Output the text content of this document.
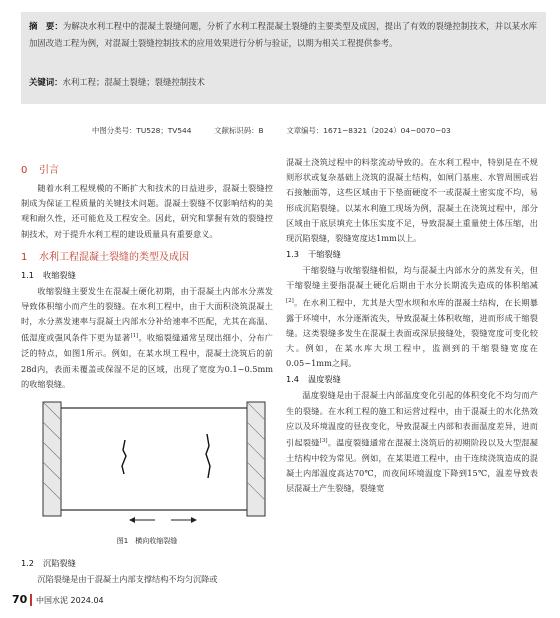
摘　要：为解决水利工程中的混凝土裂缝问题，分析了水利工程混凝土裂缝的主要类型及成因，提出了有效的裂缝控制技术，并以某水库加固改造工程为例，对混凝土裂缝控制技术的应用效果进行分析与验证，以期为相关工程提供参考。

关键词：水利工程；混凝土裂缝；裂缝控制技术

中图分类号：TU528；TV544	文献标识码：B	文章编号：1671−8321（2024）04−0070−03
0 引言

随着水利工程规模的不断扩大和技术的日益进步，混凝土裂缝控制成为保证工程质量的关键技术问题。混凝土裂缝不仅影响结构的美观和耐久性，还可能危及工程安全。因此，研究和掌握有效的裂缝控制技术，对于提升水利工程的建设质量具有重要意义。

1 水利工程混凝土裂缝的类型及成因
1.1 收缩裂缝

收缩裂缝主要发生在混凝土硬化初期，由于混凝土内部水分蒸发导致体积缩小而产生的裂缝。在水利工程中，由于大面积浇筑混凝土时，水分蒸发速率与混凝土内部水分补给速率不匹配，尤其在高温、低湿度或强风条件下更为显著[1]。收缩裂缝通常呈现出细小、分布广泛的特点，如图1所示。例如，在某水坝工程中，混凝土浇筑后的前28d内，表面未覆盖或保湿不足的区域，出现了宽度为0.1~0.5mm的收缩裂缝。

图1　横向收缩裂缝
1.2 沉陷裂缝

沉陷裂缝是由于混凝土内部支撑结构不均匀沉降或

混凝土浇筑过程中的料浆流动导致的。在水利工程中，特别是在不规则形状或复杂基础上浇筑的混凝土结构，如闸门基座、水管周围或岩石接触面等，这些区域由于下垫面硬度不一或混凝土密实度不均，易形成沉陷裂缝。以某水利施工现场为例，混凝土在浇筑过程中，部分区域由于底层填充土体压实度不足，导致混凝土重量使土体压缩，出现沉陷裂缝，裂缝宽度达1mm以上。

1.3 干缩裂缝

干缩裂缝与收缩裂缝相似，均与混凝土内部水分的蒸发有关，但干缩裂缝主要指混凝土硬化后期由于水分长期流失造成的体积缩减[2]。在水利工程中，尤其是大型水坝和水库的混凝土结构，在长期暴露于环境中，水分逐渐流失，导致混凝土体积收缩，进而形成干缩裂缝。这类裂缝多发生在混凝土表面或深层接缝处，裂缝宽度可变化较大。例如，在某水库大坝工程中，监测到的干缩裂缝宽度在0.05~1mm之间。

1.4 温度裂缝

温度裂缝是由于混凝土内部温度变化引起的体积变化不均匀而产生的裂缝。在水利工程的施工和运营过程中，由于混凝土的水化热效应以及环境温度的昼夜变化，导致混凝土内部和表面温度差异，进而引起裂缝[3]。温度裂缝通常在混凝土浇筑后的初期阶段以及大型混凝土结构中较为常见。例如，在某渠道工程中，由于连续浇筑造成的混凝土内部温度高达70℃，而夜间环境温度下降到15℃，温差导致表层混凝土产生裂缝，裂缝宽

70 中国水泥 2024.04
